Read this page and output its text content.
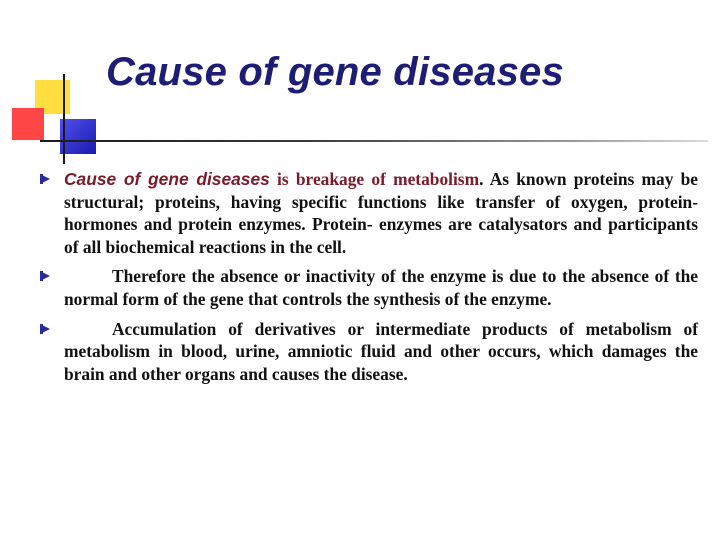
Cause of gene diseases
Cause of gene diseases is breakage of metabolism. As known proteins may be structural; proteins, having specific functions like transfer of oxygen, protein-hormones and protein enzymes. Protein- enzymes are catalysators and participants of all biochemical reactions in the cell.
Therefore the absence or inactivity of the enzyme is due to the absence of the normal form of the gene that controls the synthesis of the enzyme.
Accumulation of derivatives or intermediate products of metabolism of metabolism in blood, urine, amniotic fluid and other occurs, which damages the brain and other organs and causes the disease.
